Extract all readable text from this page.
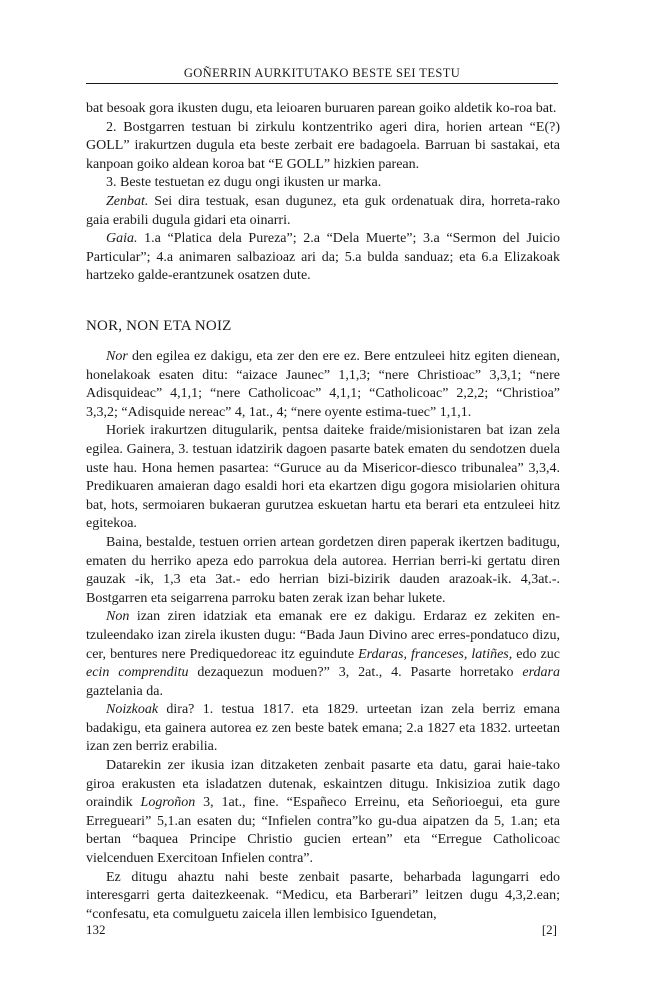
GOÑERRIN AURKITUTAKO BESTE SEI TESTU

bat besoak gora ikusten dugu, eta leioaren buruaren parean goiko aldetik ko-roa bat.

2. Bostgarren testuan bi zirkulu kontzentriko ageri dira, horien artean “E(?) GOLL” irakurtzen dugula eta beste zerbait ere badagoela. Barruan bi sastakai, eta kanpoan goiko aldean koroa bat “E GOLL” hizkien parean.

3. Beste testuetan ez dugu ongi ikusten ur marka.

Zenbat. Sei dira testuak, esan dugunez, eta guk ordenatuak dira, horreta-rako gaia erabili dugula gidari eta oinarri.

Gaia. 1.a “Platica dela Pureza”; 2.a “Dela Muerte”; 3.a “Sermon del Juicio Particular”; 4.a animaren salbazioaz ari da; 5.a bulda sanduaz; eta 6.a Elizakoak hartzeko galde-erantzunek osatzen dute.

NOR, NON ETA NOIZ

Nor den egilea ez dakigu, eta zer den ere ez. Bere entzuleei hitz egiten dienean, honelakoak esaten ditu: “aizace Jaunec” 1,1,3; “nere Christioac” 3,3,1; “nere Adisquideac” 4,1,1; “nere Catholicoac” 4,1,1; “Catholicoac” 2,2,2; “Christioa” 3,3,2; “Adisquide nereac” 4, 1at., 4; “nere oyente estima-tuec” 1,1,1.

Horiek irakurtzen ditugularik, pentsa daiteke fraide/misionistaren bat izan zela egilea. Gainera, 3. testuan idatzirik dagoen pasarte batek ematen du sendotzen duela uste hau. Hona hemen pasartea: “Guruce au da Misericor-diesco tribunalea” 3,3,4. Predikuaren amaieran dago esaldi hori eta ekartzen digu gogora misiolarien ohitura bat, hots, sermoiaren bukaeran gurutzea eskuetan hartu eta berari eta entzuleei hitz egitekoa.

Baina, bestalde, testuen orrien artean gordetzen diren paperak ikertzen baditugu, ematen du herriko apeza edo parrokua dela autorea. Herrian berri-ki gertatu diren gauzak -ik, 1,3 eta 3at.- edo herrian bizi-bizirik dauden arazoak-ik. 4,3at.-. Bostgarren eta seigarrena parroku baten zerak izan behar lukete.

Non izan ziren idatziak eta emanak ere ez dakigu. Erdaraz ez zekiten en-tzuleendako izan zirela ikusten dugu: “Bada Jaun Divino arec erres-pondatuco dizu, cer, bentures nere Prediquedoreac itz eguindute Erdaras, franceses, latiñes, edo zuc ecin comprenditu dezaquezun moduen?” 3, 2at., 4. Pasarte horretako erdara gaztelania da.

Noizkoak dira? 1. testua 1817. eta 1829. urteetan izan zela berriz emana badakigu, eta gainera autorea ez zen beste batek emana; 2.a 1827 eta 1832. urteetan izan zen berriz erabilia.

Datarekin zer ikusia izan ditzaketen zenbait pasarte eta datu, garai haie-tako giroa erakusten eta isladatzen dutenak, eskaintzen ditugu. Inkisizioa zutik dago oraindik Logroñon 3, 1at., fine. “Españeco Erreinu, eta Señorioegui, eta gure Erregueari” 5,1.an esaten du; “Infielen contra”ko gu-dua aipatzen da 5, 1.an; eta bertan “baquea Principe Christio gucien ertean” eta “Erregue Catholicoac vielcenduen Exercitoan Infielen contra”.

Ez ditugu ahaztu nahi beste zenbait pasarte, beharbada lagungarri edo interesgarri gerta daitezkeenak. “Medicu, eta Barberari” leitzen dugu 4,3,2.ean; “confesatu, eta comulguetu zaicela illen lembisico Iguendetan,

132	[2]
